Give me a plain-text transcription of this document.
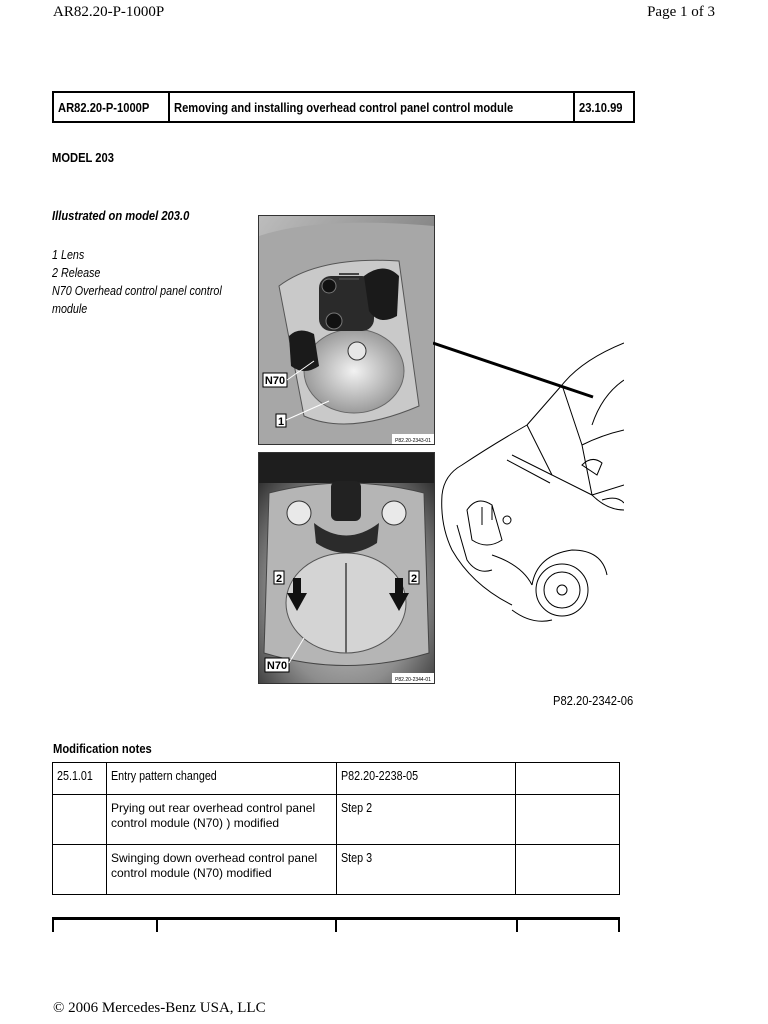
AR82.20-P-1000P	Page 1 of 3
AR82.20-P-1000P	Removing and installing overhead control panel control module	23.10.99
MODEL 203
Illustrated on model 203.0
1 Lens
2 Release
N70 Overhead control panel control
module
N70
1
P82.20-2343-01
2	2
N70
P82.20-2344-01
P82.20-2342-06
Modification notes
25.1.01	Entry pattern changed	P82.20-2238-05	

	Prying out rear overhead control panel control module (N70) ) modified	Step 2	

	Swinging down overhead control panel control module (N70) modified	Step 3	

© 2006 Mercedes-Benz USA, LLC
